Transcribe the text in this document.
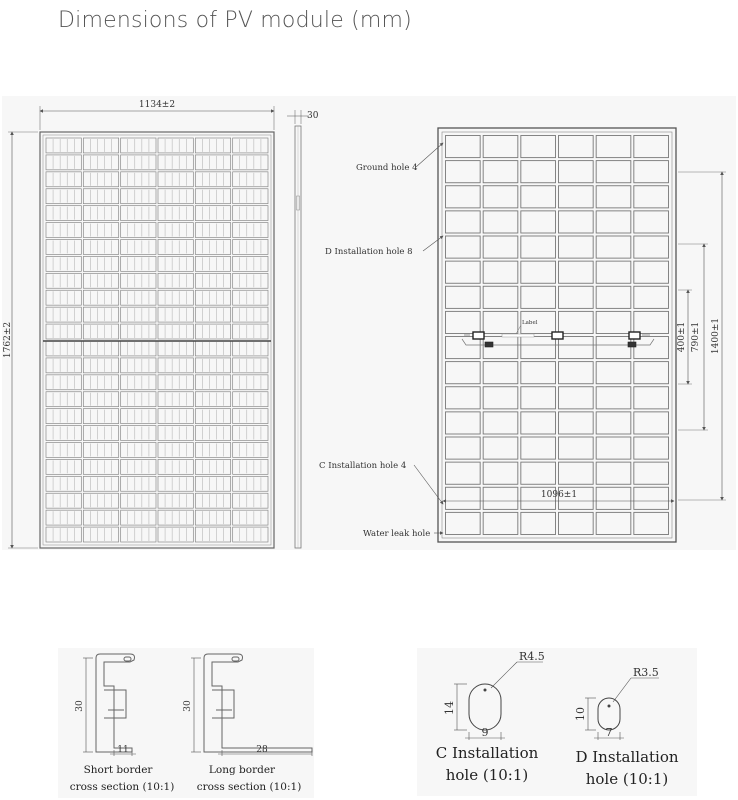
Dimensions of PV module (mm)
1134±2
1762±2
30
Label
Ground hole 4
D Installation hole 8
C Installation hole 4
Water leak hole
790±1
400±1	1400±1
1096±1
30
11
30
28
Short border
cross section (10:1)
Long border
cross section (10:1)
R4.5
14
9
R3.5
10
7
C Installation
hole (10:1)
D Installation
hole (10:1)
